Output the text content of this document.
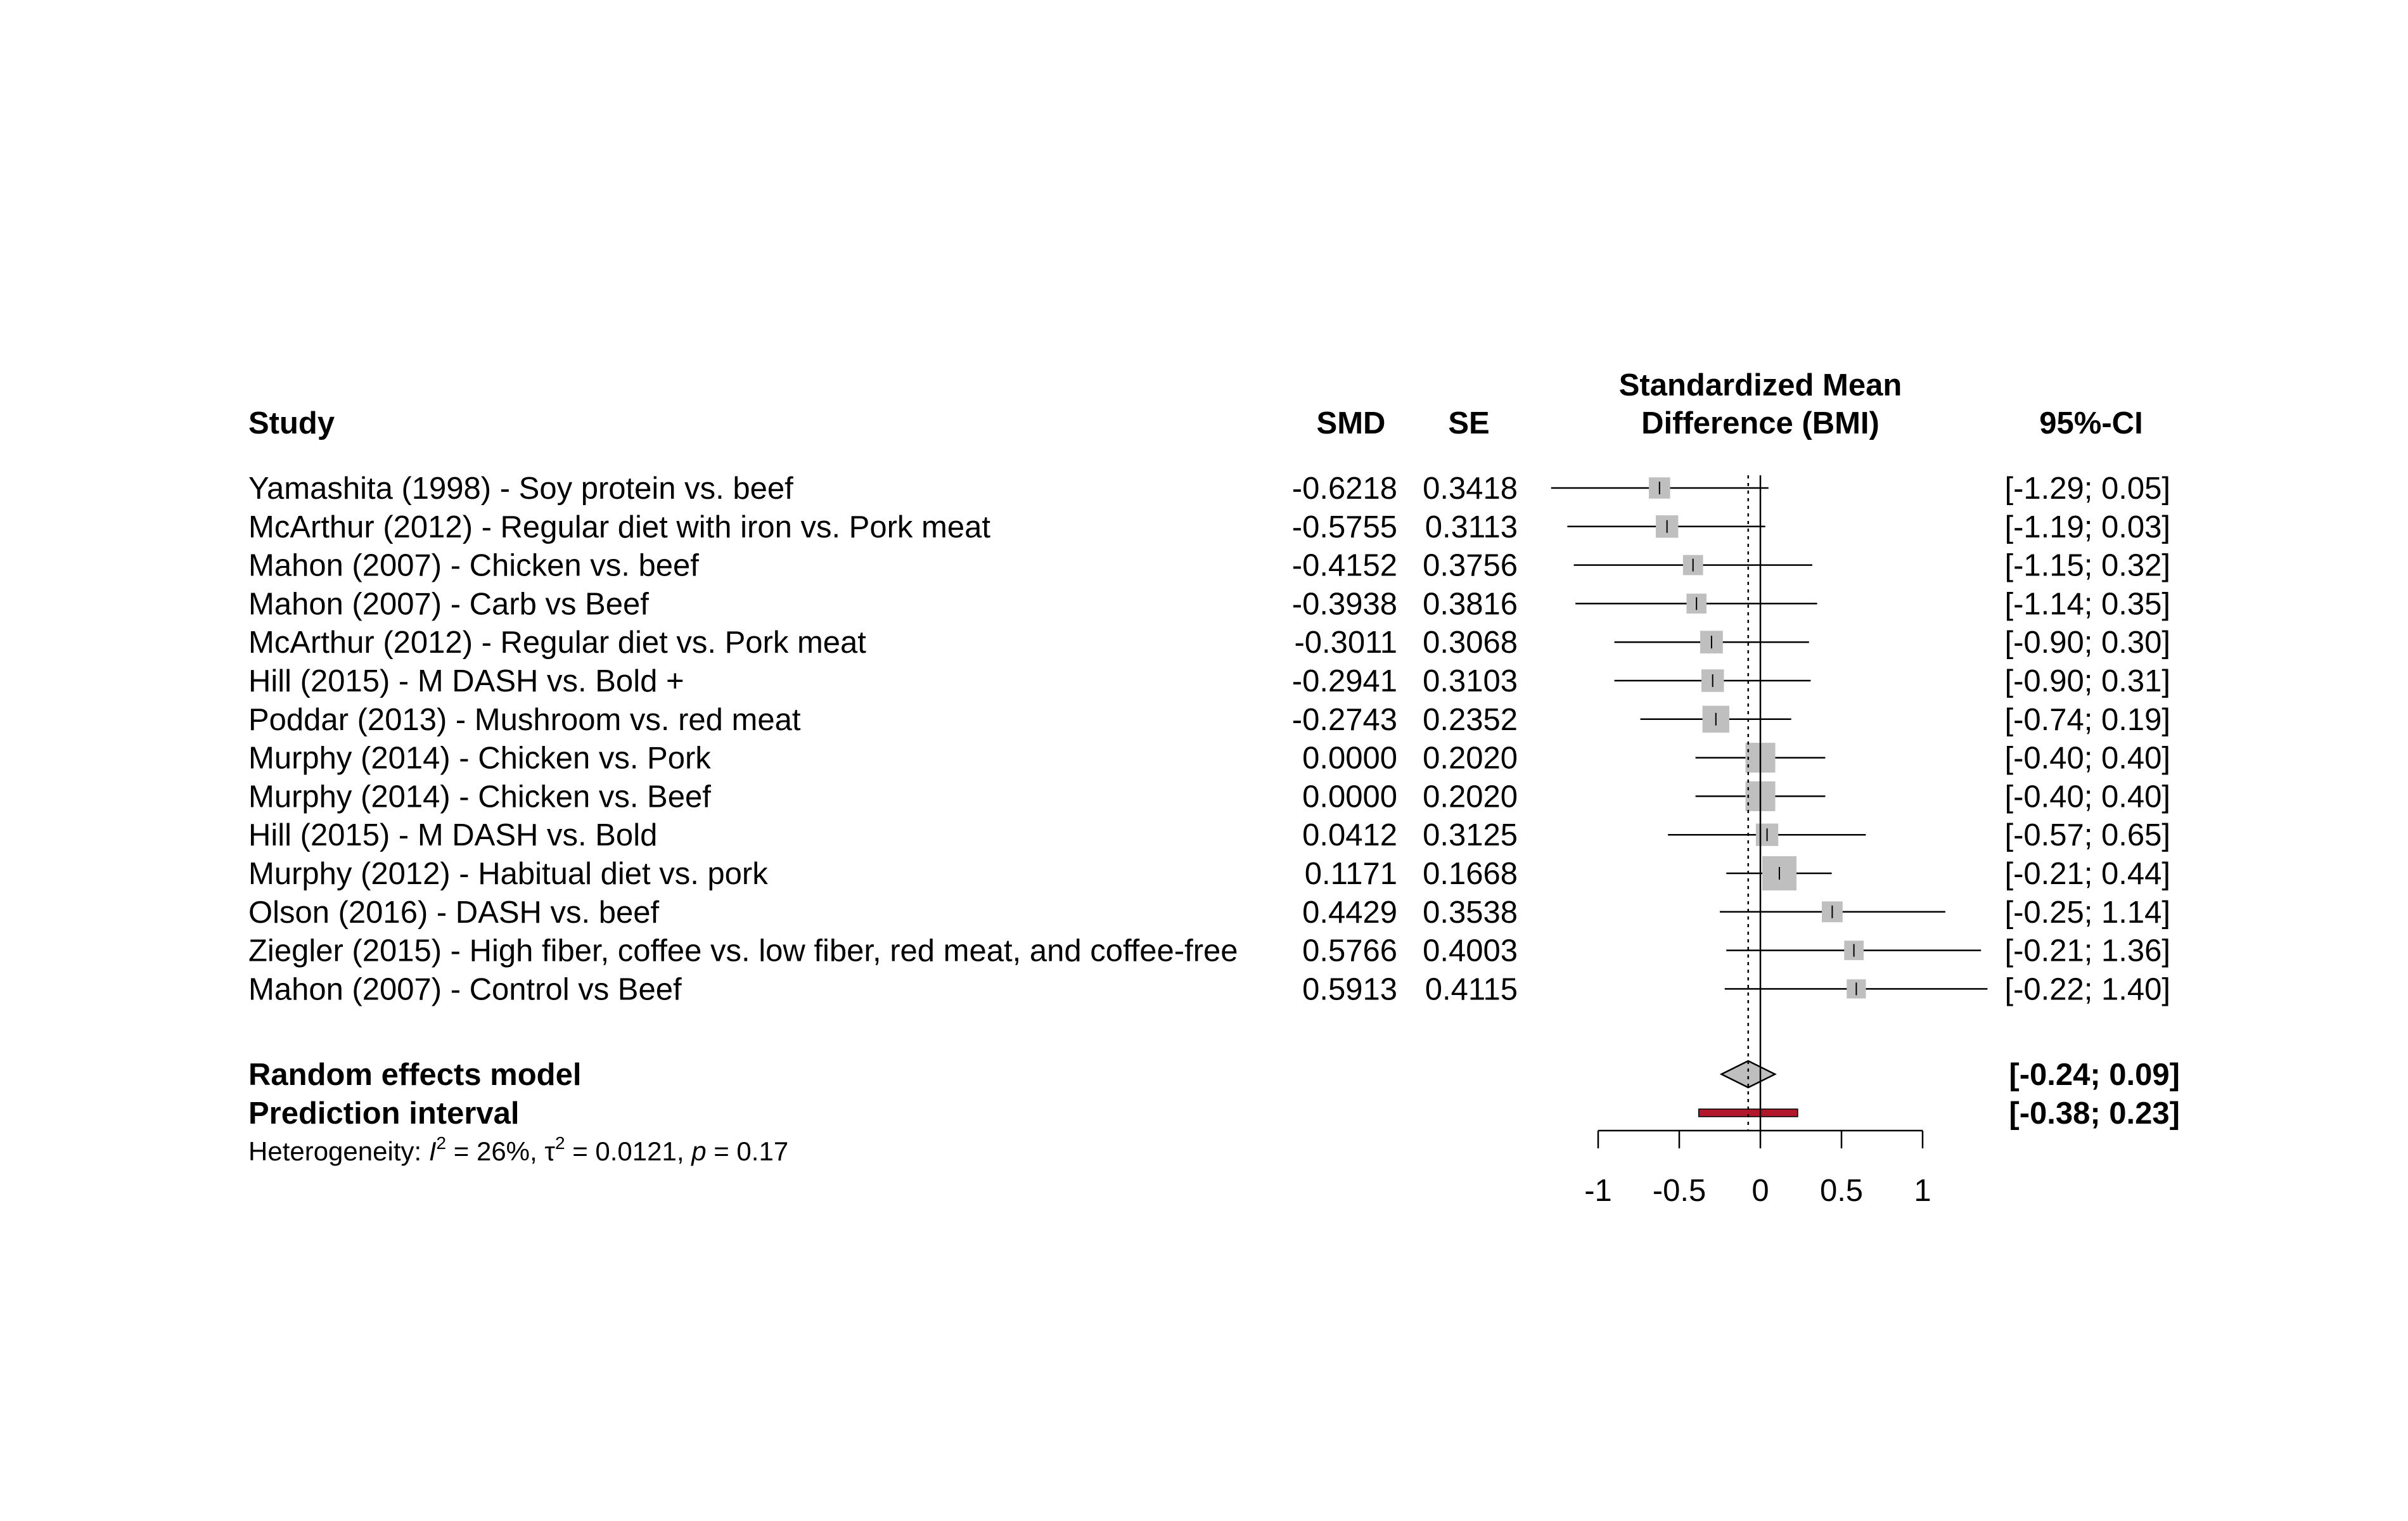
Study	SMD SE
Standardized Mean
Difference (BMI)	95%-CI
Yamashita (1998) - Soy protein vs. beef	-0.6218 0.3418	[-1.29; 0.05]
McArthur (2012) - Regular diet with iron vs. Pork meat	-0.5755 0.3113	[-1.19; 0.03]
Mahon (2007) - Chicken vs. beef	-0.4152 0.3756	[-1.15; 0.32]
Mahon (2007) - Carb vs Beef	-0.3938 0.3816	[-1.14; 0.35]
McArthur (2012) - Regular diet vs. Pork meat	-0.3011 0.3068	[-0.90; 0.30]
Hill (2015) - M DASH vs. Bold +	-0.2941 0.3103	[-0.90; 0.31]
Poddar (2013) - Mushroom vs. red meat	-0.2743 0.2352	[-0.74; 0.19]
Murphy (2014) - Chicken vs. Pork	0.0000 0.2020	[-0.40; 0.40]
Murphy (2014) - Chicken vs. Beef	0.0000 0.2020	[-0.40; 0.40]
Hill (2015) - M DASH vs. Bold	0.0412 0.3125	[-0.57; 0.65]
Murphy (2012) - Habitual diet vs. pork	0.1171 0.1668	[-0.21; 0.44]
Olson (2016) - DASH vs. beef	0.4429 0.3538	[-0.25; 1.14]
Ziegler (2015) - High fiber, coffee vs. low fiber, red meat, and coffee-free 0.5766 0.4003	[-0.21; 1.36]
Mahon (2007) - Control vs Beef	0.5913 0.4115	[-0.22; 1.40]
Random effects model	[-0.24; 0.09]
Prediction interval	[-0.38; 0.23]
Heterogeneity: $I^2 = 26\%$, $\tau^2 = 0.0121$, p = 0.17
-1 -0.5 0 0.5 1
